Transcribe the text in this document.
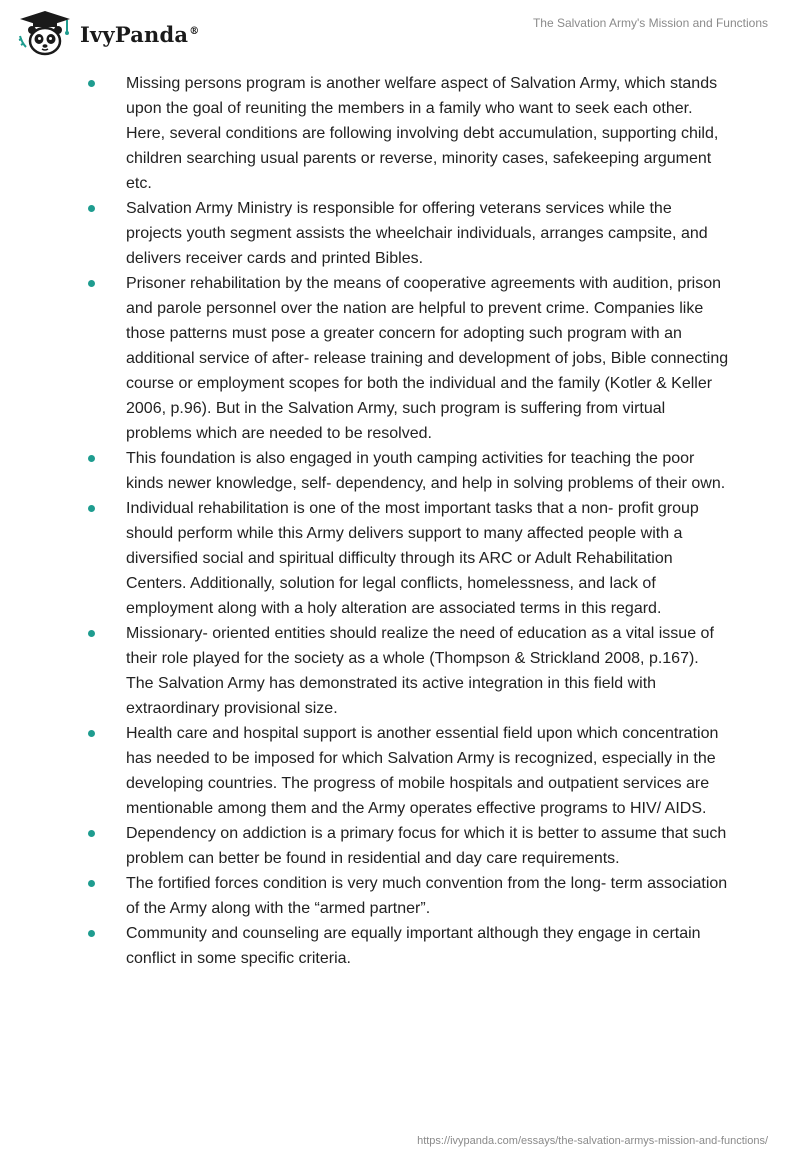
IvyPanda®
The Salvation Army's Mission and Functions
Missing persons program is another welfare aspect of Salvation Army, which stands upon the goal of reuniting the members in a family who want to seek each other. Here, several conditions are following involving debt accumulation, supporting child, children searching usual parents or reverse, minority cases, safekeeping argument etc.
Salvation Army Ministry is responsible for offering veterans services while the projects youth segment assists the wheelchair individuals, arranges campsite, and delivers receiver cards and printed Bibles.
Prisoner rehabilitation by the means of cooperative agreements with audition, prison and parole personnel over the nation are helpful to prevent crime. Companies like those patterns must pose a greater concern for adopting such program with an additional service of after- release training and development of jobs, Bible connecting course or employment scopes for both the individual and the family (Kotler & Keller 2006, p.96). But in the Salvation Army, such program is suffering from virtual problems which are needed to be resolved.
This foundation is also engaged in youth camping activities for teaching the poor kinds newer knowledge, self- dependency, and help in solving problems of their own.
Individual rehabilitation is one of the most important tasks that a non- profit group should perform while this Army delivers support to many affected people with a diversified social and spiritual difficulty through its ARC or Adult Rehabilitation Centers. Additionally, solution for legal conflicts, homelessness, and lack of employment along with a holy alteration are associated terms in this regard.
Missionary- oriented entities should realize the need of education as a vital issue of their role played for the society as a whole (Thompson & Strickland 2008, p.167). The Salvation Army has demonstrated its active integration in this field with extraordinary provisional size.
Health care and hospital support is another essential field upon which concentration has needed to be imposed for which Salvation Army is recognized, especially in the developing countries. The progress of mobile hospitals and outpatient services are mentionable among them and the Army operates effective programs to HIV/ AIDS.
Dependency on addiction is a primary focus for which it is better to assume that such problem can better be found in residential and day care requirements.
The fortified forces condition is very much convention from the long- term association of the Army along with the “armed partner”.
Community and counseling are equally important although they engage in certain conflict in some specific criteria.
https://ivypanda.com/essays/the-salvation-armys-mission-and-functions/
